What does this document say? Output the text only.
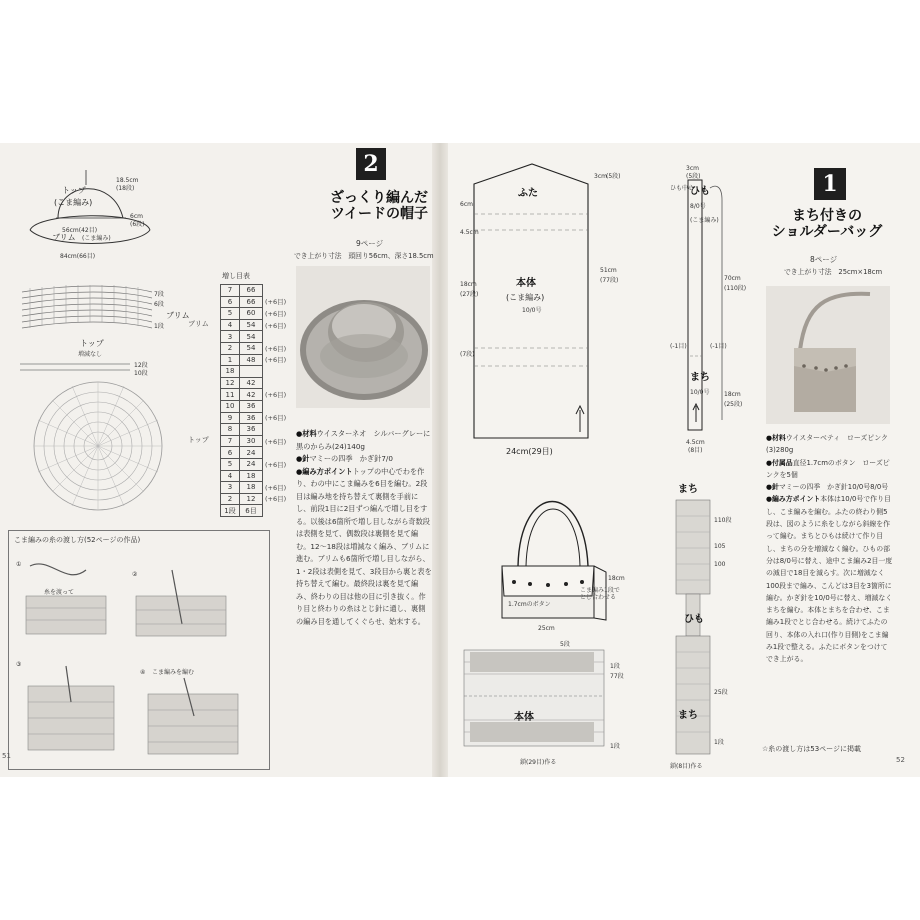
トップ
(こま編み)
ブリム (こま編み)
18.5cm
(18段)
6cm
(6段)
56cm(42目)
84cm(66目)
ブリム
トップ
増減なし
12段
10段
7段
6段
1段
増し目表
ブリム
トップ
7	66	
6	66	(+6目)
5	60	(+6目)
4	54	(+6目)
3	54	
2	54	(+6目)
1	48	(+6目)
18		
12	42	
11	42	(+6目)
10	36	
9	36	(+6目)
8	36	
7	30	(+6目)
6	24	
5	24	(+6目)
4	18	
3	18	(+6目)
2	12	(+6目)
1段	6目	
2
ざっくり編んだ
ツイードの帽子
9ページ
でき上がり寸法　頭回り56cm、深さ18.5cm

●材料ウイスターネオ　シルバーグレーに黒のからみ(24)140g

●針マミーの四季　かぎ針7/0

●編み方ポイントトップの中心でわを作り、わの中にこま編みを6目を編む。2段目は編み地を持ち替えて裏側を手前にし、前段1目に2目ずつ編んで増し目をする。以後は6箇所で増し目しながら奇数段は表側を見て、偶数段は裏側を見て編む。12〜18段は増減なく編み、ブリムに進む。ブリムも6箇所で増し目しながら、1・2段は表側を見て、3段目から裏と表を持ち替えて編む。最終段は裏を見て編み、終わりの目は他の目に引き抜く。作り目と終わりの糸はとじ針に通し、裏側の編み目を通してくぐらせ、始末する。

こま編みの糸の渡し方(52ページの作品)
①
糸を渡って
②
③
④ こま編みを編む
51
ふた
本体
(こま編み)
10/0号
24cm(29目)
51cm
(77段)
3cm (5段)
6cm
4.5cm
18cm
(27段)
(7段)
ひも
8/0号
(こま編み)
まち
10/0号
ひも中心
3cm
(5段)
70cm
(110段)
18cm
(25段)
4.5cm
(8目)
(-1目)	(-1目)
1.7cmのボタン
25cm
18cm
こま編み1段で
とじ合わせる
本体
鎖(29目)作る
5段
1段
77段
1段
まち
ひも
まち
鎖(8目)作る
110段
105
100
25段
1段
1
まち付きの
ショルダーバッグ
8ページ
でき上がり寸法　25cm×18cm

●材料ウイスターベティ　ローズピンク(3)280g

●付属品直径1.7cmのボタン　ローズピンクを5個

●針マミーの四季　かぎ針10/0号8/0号

●編み方ポイント本体は10/0号で作り目し、こま編みを編む。ふたの終わり側5段は、図のように糸をしながら斜線を作って編む。まちとひもは続けて作り目し、まちの分を増減なく編む。ひもの部分は8/0号に替え、途中こま編み2目一度の減目で18目を減らす。次に増減なく100段まで編み、こんどは3目を3箇所に編む。かぎ針を10/0号に替え、増減なくまちを編む。本体とまちを合わせ、こま編み1段でとじ合わせる。続けてふたの回り、本体の入れ口(作り目側)をこま編み1段で整える。ふたにボタンをつけてでき上がる。

☆糸の渡し方は53ページに掲載
52
